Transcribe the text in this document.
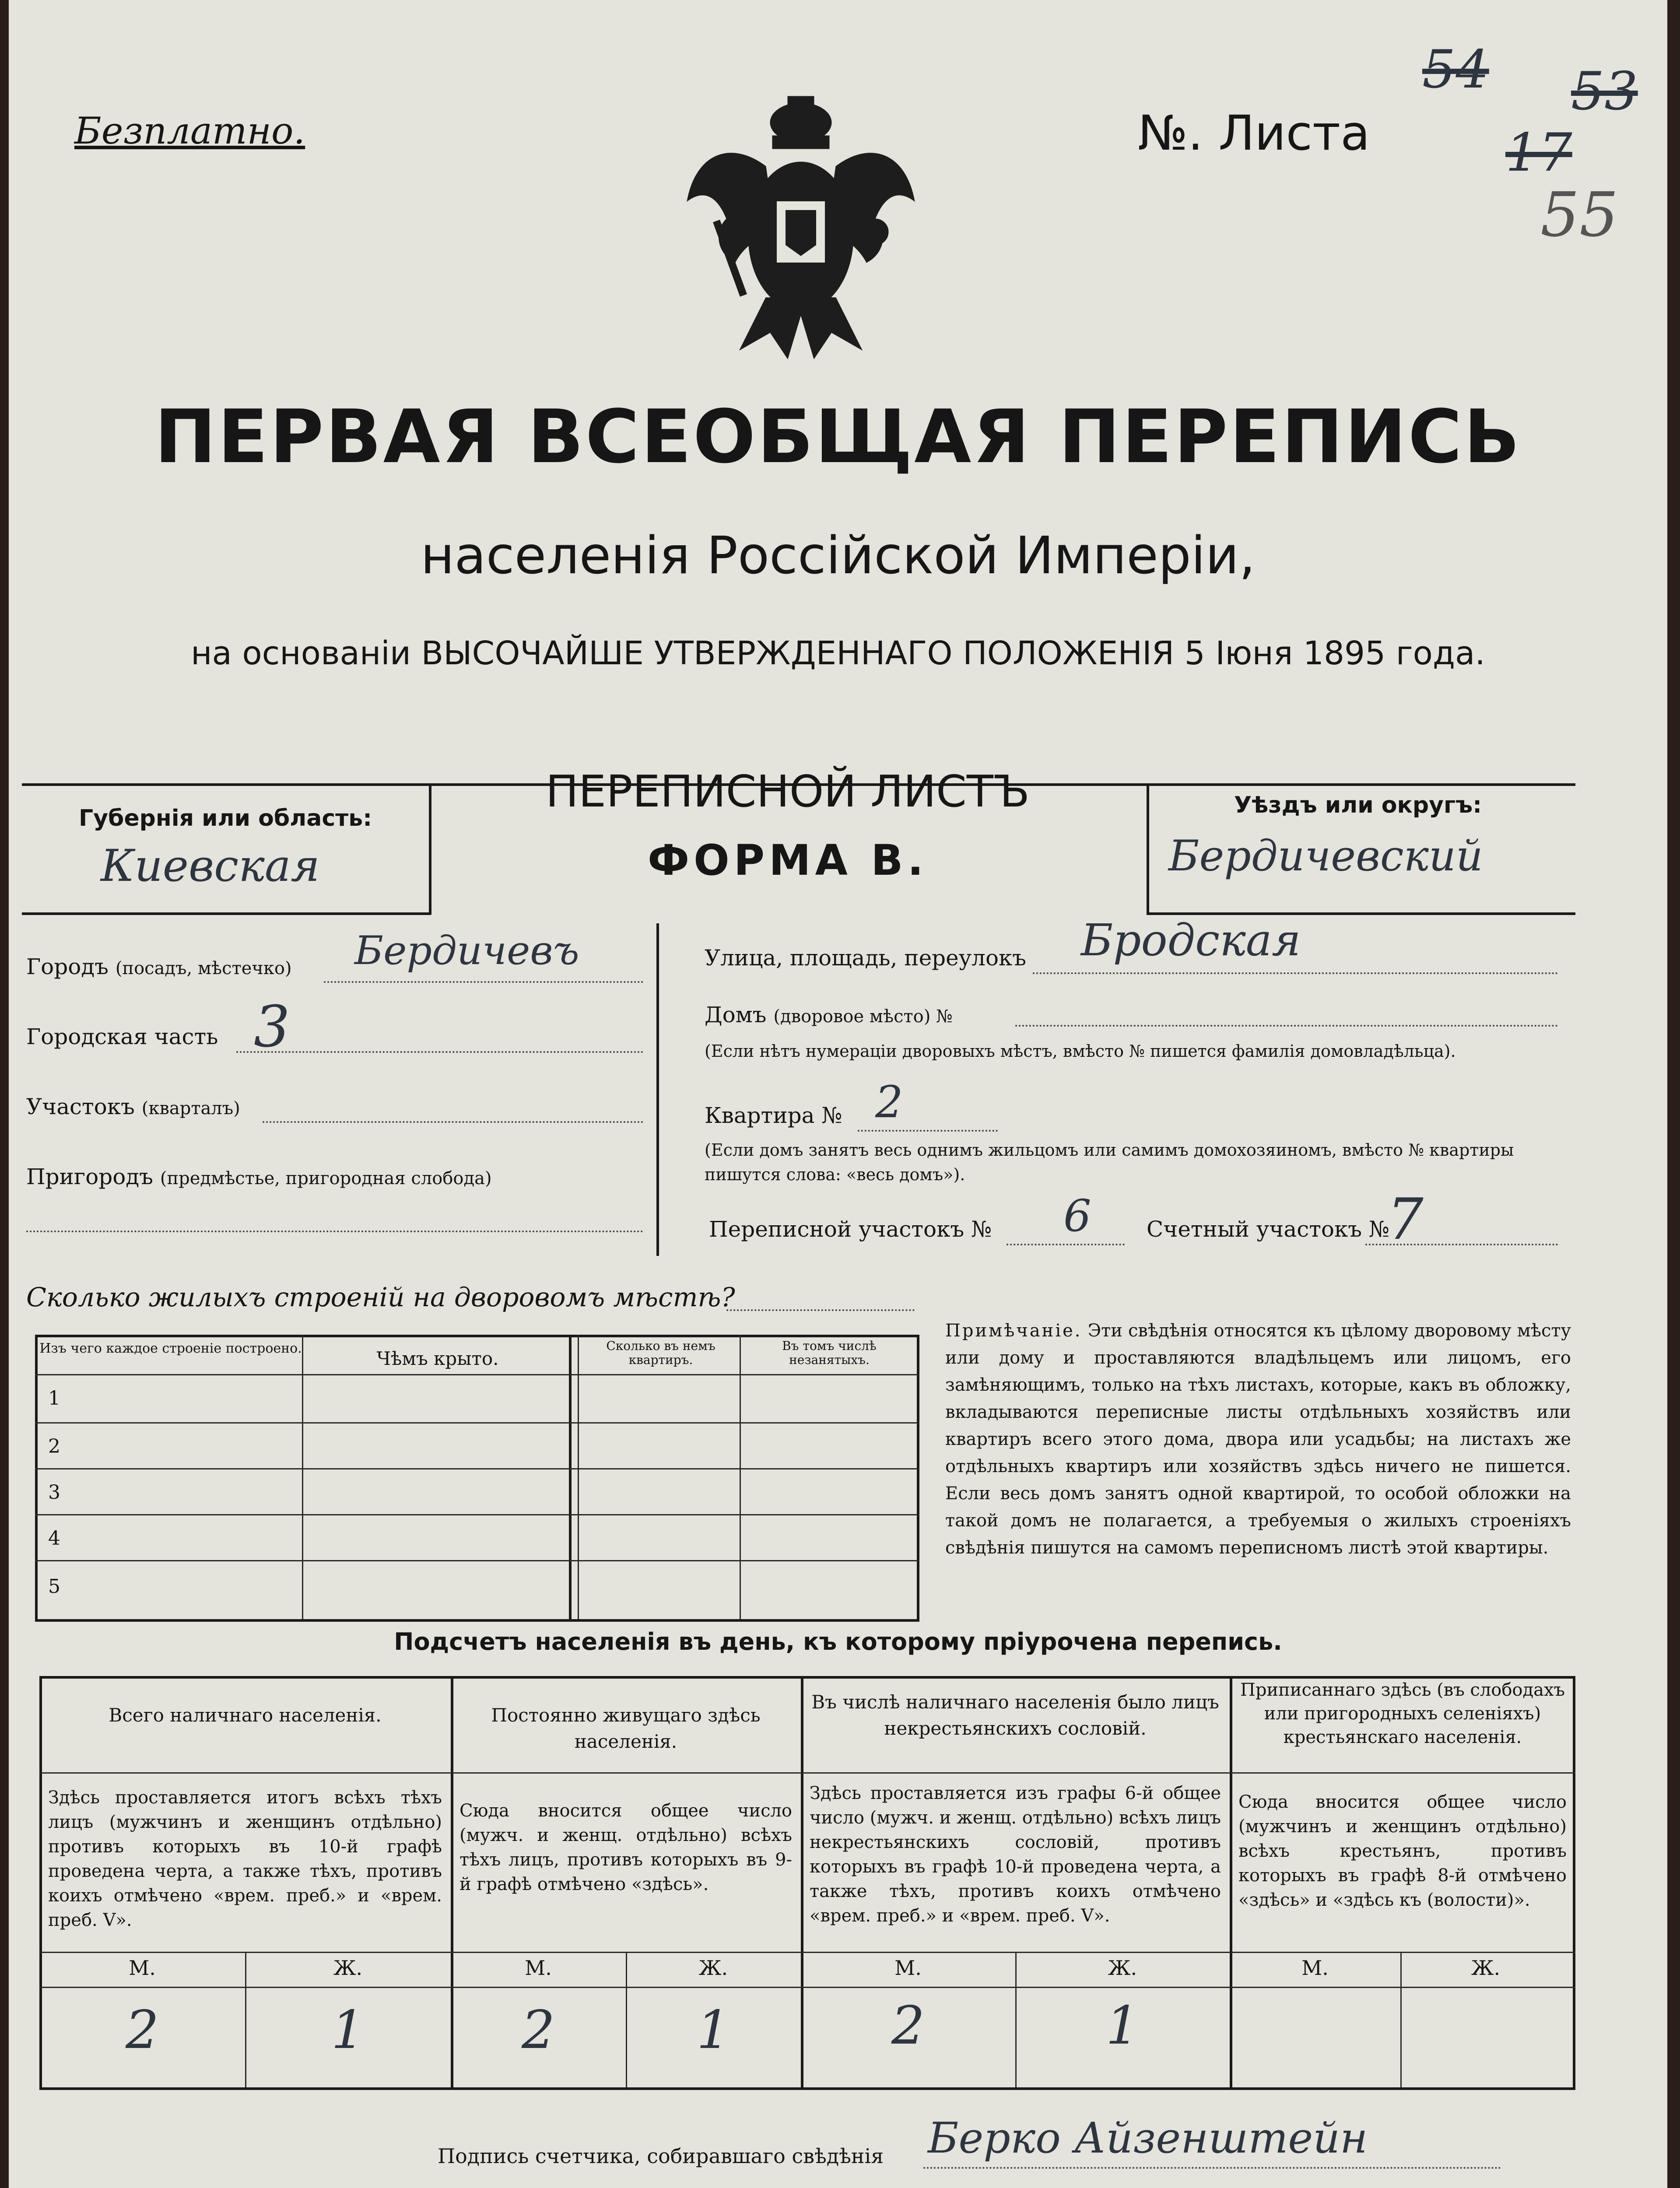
Безплатно.	№. Листа	17
54 53
55
ПЕРВАЯ ВСЕОБЩАЯ ПЕРЕПИСЬ
населенія Россійской Имперіи,
на основаніи ВЫСОЧАЙШЕ УТВЕРЖДЕННАГО ПОЛОЖЕНІЯ 5 Іюня 1895 года.
Губернія или область:
Киевская
Уѣздъ или округъ:
Бердичевский
ПЕРЕПИСНОЙ ЛИСТЪ
ФОРМА В.
Городъ (посадъ, мѣстечко) Бердичевъ
Городская часть 3
Участокъ (кварталъ)
Пригородъ (предмѣстье, пригородная слобода)
Улица, площадь, переулокъ Бродская
Домъ (дворовое мѣсто) №
(Если нѣтъ нумераціи дворовыхъ мѣстъ, вмѣсто № пишется фамилія домовладѣльца).
Квартира № 2
(Если домъ занятъ весь однимъ жильцомъ или самимъ домохозяиномъ, вмѣсто № квартиры пишутся слова: «весь домъ»).
Переписной участокъ № 6	Счетный участокъ №
7
Сколько жилыхъ строеній на дворовомъ мѣстѣ?
Изъ чего каждое строеніе построено.	Чѣмъ крыто.
Сколько въ немъ квартиръ.
Въ томъ числѣ незанятыхъ.
1
2
3
4
5
Примѣчаніе. Эти свѣдѣнія относятся къ цѣлому дворовому мѣсту или дому и проставляются владѣльцемъ или лицомъ, его замѣняющимъ, только на тѣхъ листахъ, которые, какъ въ обложку, вкладываются переписные листы отдѣльныхъ хозяйствъ или квартиръ всего этого дома, двора или усадьбы; на листахъ же отдѣльныхъ квартиръ или хозяйствъ здѣсь ничего не пишется. Если весь домъ занятъ одной квартирой, то особой обложки на такой домъ не полагается, а требуемыя о жилыхъ строеніяхъ свѣдѣнія пишутся на самомъ переписномъ листѣ этой квартиры.
Подсчетъ населенія въ день, къ которому пріурочена перепись.
Всего наличнаго населенія.	Постоянно живущаго здѣсь населенія.
Въ числѣ наличнаго населенія было лицъ некрестьянскихъ сословій.
Приписаннаго здѣсь (въ слободахъ или пригородныхъ селеніяхъ) крестьянскаго населенія.
Здѣсь проставляется итогъ всѣхъ тѣхъ лицъ (мужчинъ и женщинъ отдѣльно) противъ которыхъ въ 10-й графѣ проведена черта, а также тѣхъ, противъ коихъ отмѣчено «врем. преб.» и «врем. преб. V».
Сюда вносится общее число (мужч. и женщ. отдѣльно) всѣхъ тѣхъ лицъ, противъ которыхъ въ 9-й графѣ отмѣчено «здѣсь».
Здѣсь проставляется изъ графы 6-й общее число (мужч. и женщ. отдѣльно) всѣхъ лицъ некрестьянскихъ сословій, противъ которыхъ въ графѣ 10-й проведена черта, а также тѣхъ, противъ коихъ отмѣчено «врем. преб.» и «врем. преб. V».
Сюда вносится общее число (мужчинъ и женщинъ отдѣльно) всѣхъ крестьянъ, противъ которыхъ въ графѣ 8-й отмѣчено «здѣсь» и «здѣсь къ (волости)».
М.	Ж.	М.	Ж.	М.	Ж.	М.	Ж.
2	1	2	1	2	1
Подпись счетчика, собиравшаго свѣдѣнія Берко Айзенштейн
